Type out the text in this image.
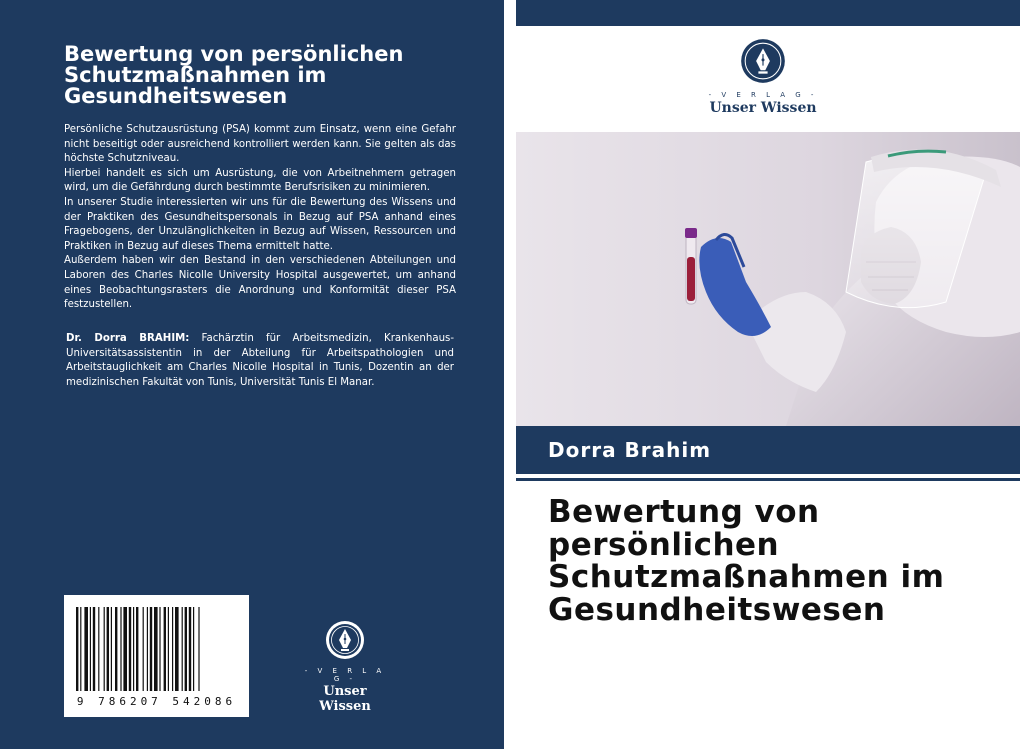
Bewertung von persönlichen Schutzmaßnahmen im Gesundheitswesen

Persönliche Schutzausrüstung (PSA) kommt zum Einsatz, wenn eine Gefahr nicht beseitigt oder ausreichend kontrolliert werden kann. Sie gelten als das höchste Schutzniveau.

Hierbei handelt es sich um Ausrüstung, die von Arbeitnehmern getragen wird, um die Gefährdung durch bestimmte Berufsrisiken zu minimieren.

In unserer Studie interessierten wir uns für die Bewertung des Wissens und der Praktiken des Gesundheitspersonals in Bezug auf PSA anhand eines Fragebogens, der Unzulänglichkeiten in Bezug auf Wissen, Ressourcen und Praktiken in Bezug auf dieses Thema ermittelt hatte.

Außerdem haben wir den Bestand in den verschiedenen Abteilungen und Laboren des Charles Nicolle University Hospital ausgewertet, um anhand eines Beobachtungsrasters die Anordnung und Konformität dieser PSA festzustellen.

Dr. Dorra BRAHIM: Fachärztin für Arbeitsmedizin, Krankenhaus-Universitätsassistentin in der Abteilung für Arbeitspathologien und Arbeitstauglichkeit am Charles Nicolle Hospital in Tunis, Dozentin an der medizinischen Fakultät von Tunis, Universität Tunis El Manar.

9 786207 542086
- V E R L A G -
Unser Wissen
- V E R L A G -
Unser Wissen
Dorra Brahim
Bewertung von persönlichen Schutzmaßnahmen im Gesundheitswesen
